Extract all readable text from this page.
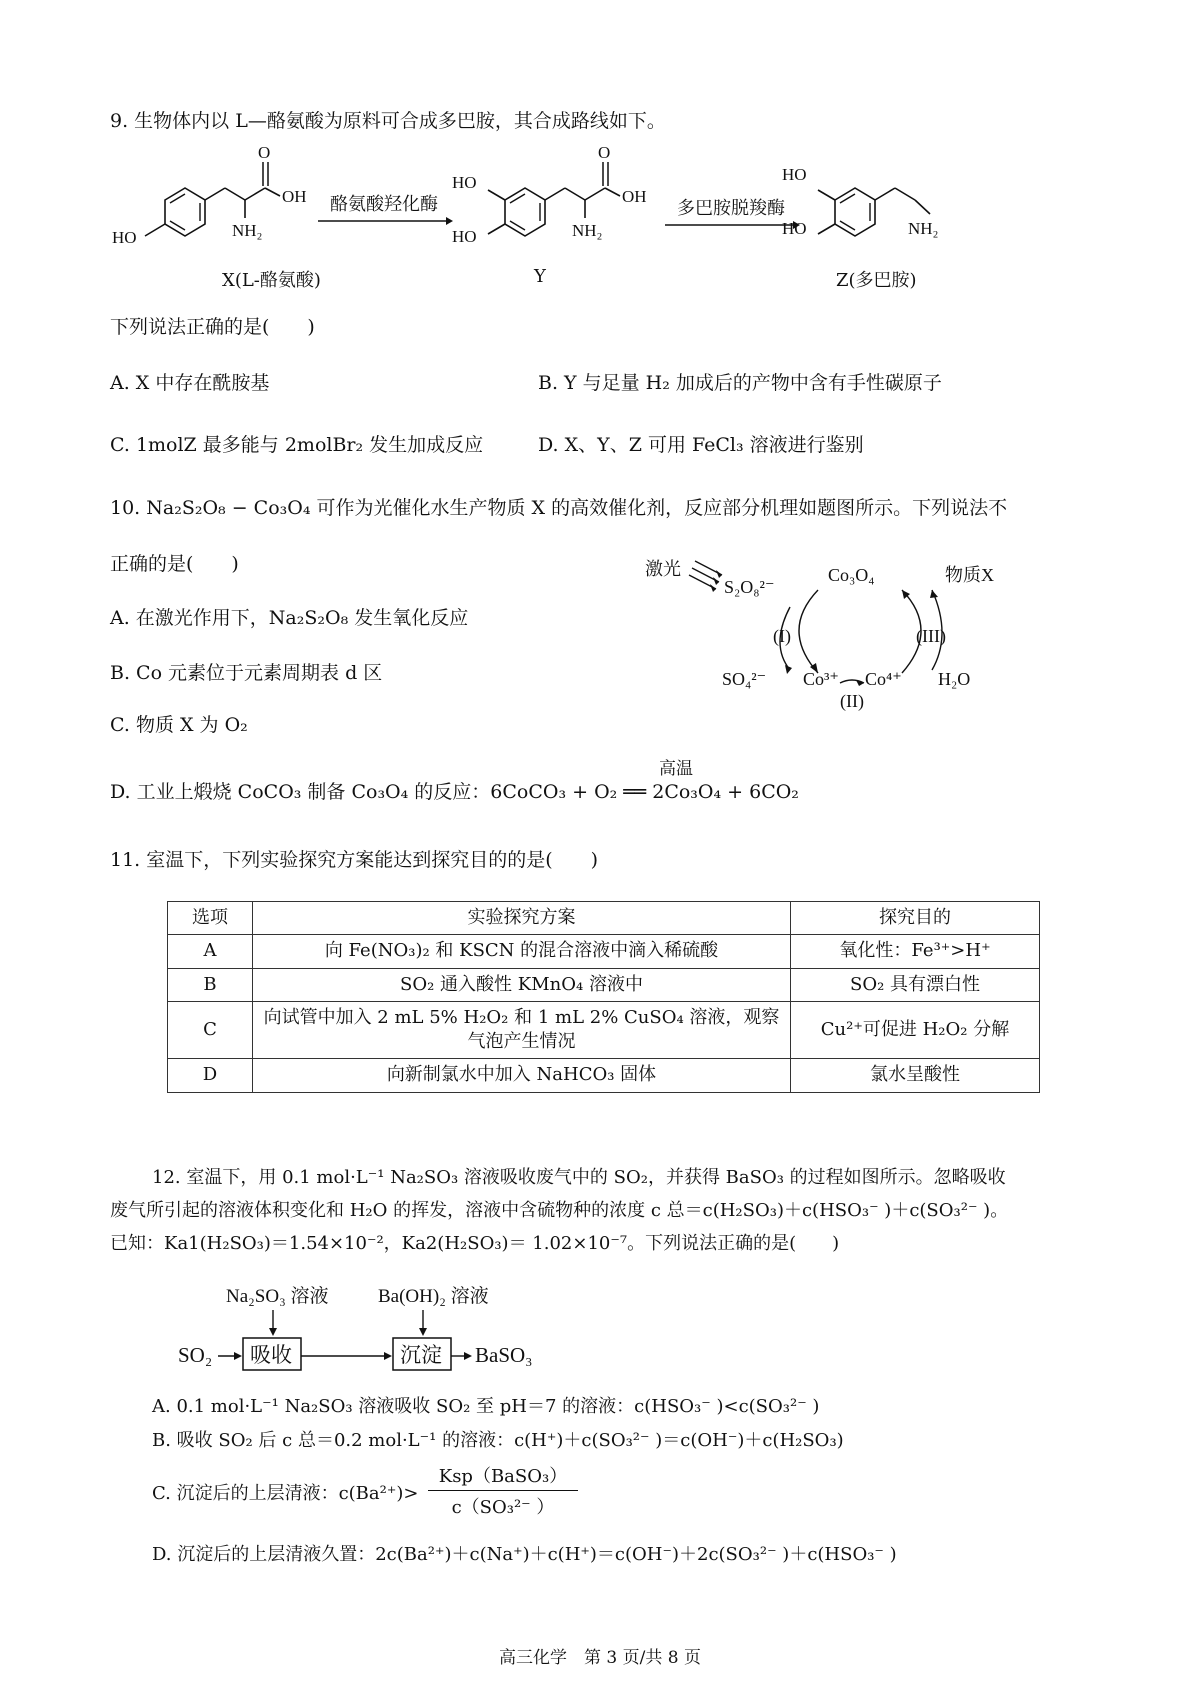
9. 生物体内以 L—酪氨酸为原料可合成多巴胺，其合成路线如下。
HO	NH₂
O
OH	酪氨酸羟化酶
HO
HO	NH₂
O
OH
多巴胺脱羧酶
HO
HO	NH₂
X(L-酪氨酸)	Y	Z(多巴胺)
下列说法正确的是(　　)
A. X 中存在酰胺基	B. Y 与足量 H₂ 加成后的产物中含有手性碳原子
C. 1molZ 最多能与 2molBr₂ 发生加成反应	D. X、Y、Z 可用 FeCl₃ 溶液进行鉴别
10. Na₂S₂O₈ − Co₃O₄ 可作为光催化水生产物质 X 的高效催化剂，反应部分机理如题图所示。下列说法不
正确的是(　　)	激光
S₂O₈²⁻
Co₃O₄	物质X
(I)	(III)
SO₄²⁻ Co³⁺ Co⁴⁺ H₂O
(II)
A. 在激光作用下，Na₂S₂O₈ 发生氧化反应
B. Co 元素位于元素周期表 d 区
C. 物质 X 为 O₂
高温
D. 工业上煅烧 CoCO₃ 制备 Co₃O₄ 的反应：6CoCO₃ + O₂ ══ 2Co₃O₄ + 6CO₂
11. 室温下，下列实验探究方案能达到探究目的的是(　　)
选项	实验探究方案	探究目的
A	向 Fe(NO₃)₂ 和 KSCN 的混合溶液中滴入稀硫酸	氧化性：Fe³⁺>H⁺
B	SO₂ 通入酸性 KMnO₄ 溶液中	SO₂ 具有漂白性
C	向试管中加入 2 mL 5% H₂O₂ 和 1 mL 2% CuSO₄ 溶液，观察气泡产生情况	Cu²⁺可促进 H₂O₂ 分解
D	向新制氯水中加入 NaHCO₃ 固体	氯水呈酸性
12. 室温下，用 0.1 mol·L⁻¹ Na₂SO₃ 溶液吸收废气中的 SO₂，并获得 BaSO₃ 的过程如图所示。忽略吸收
废气所引起的溶液体积变化和 H₂O 的挥发，溶液中含硫物种的浓度 c 总＝c(H₂SO₃)＋c(HSO₃⁻ )＋c(SO₃²⁻ )。
已知：Ka1(H₂SO₃)＝1.54×10⁻²，Ka2(H₂SO₃)＝ 1.02×10⁻⁷。下列说法正确的是(　　)
Na₂SO₃ 溶液	Ba(OH)₂ 溶液
SO₂ 吸收	沉淀 BaSO₃
A. 0.1 mol·L⁻¹ Na₂SO₃ 溶液吸收 SO₂ 至 pH＝7 的溶液：c(HSO₃⁻ )<c(SO₃²⁻ )
B. 吸收 SO₂ 后 c 总＝0.2 mol·L⁻¹ 的溶液：c(H⁺)＋c(SO₃²⁻ )＝c(OH⁻)＋c(H₂SO₃)
C. 沉淀后的上层清液：c(Ba²⁺)>
Ksp（BaSO₃）
c（SO₃²⁻ ）
D. 沉淀后的上层清液久置：2c(Ba²⁺)＋c(Na⁺)＋c(H⁺)＝c(OH⁻)＋2c(SO₃²⁻ )＋c(HSO₃⁻ )
高三化学　第 3 页/共 8 页
